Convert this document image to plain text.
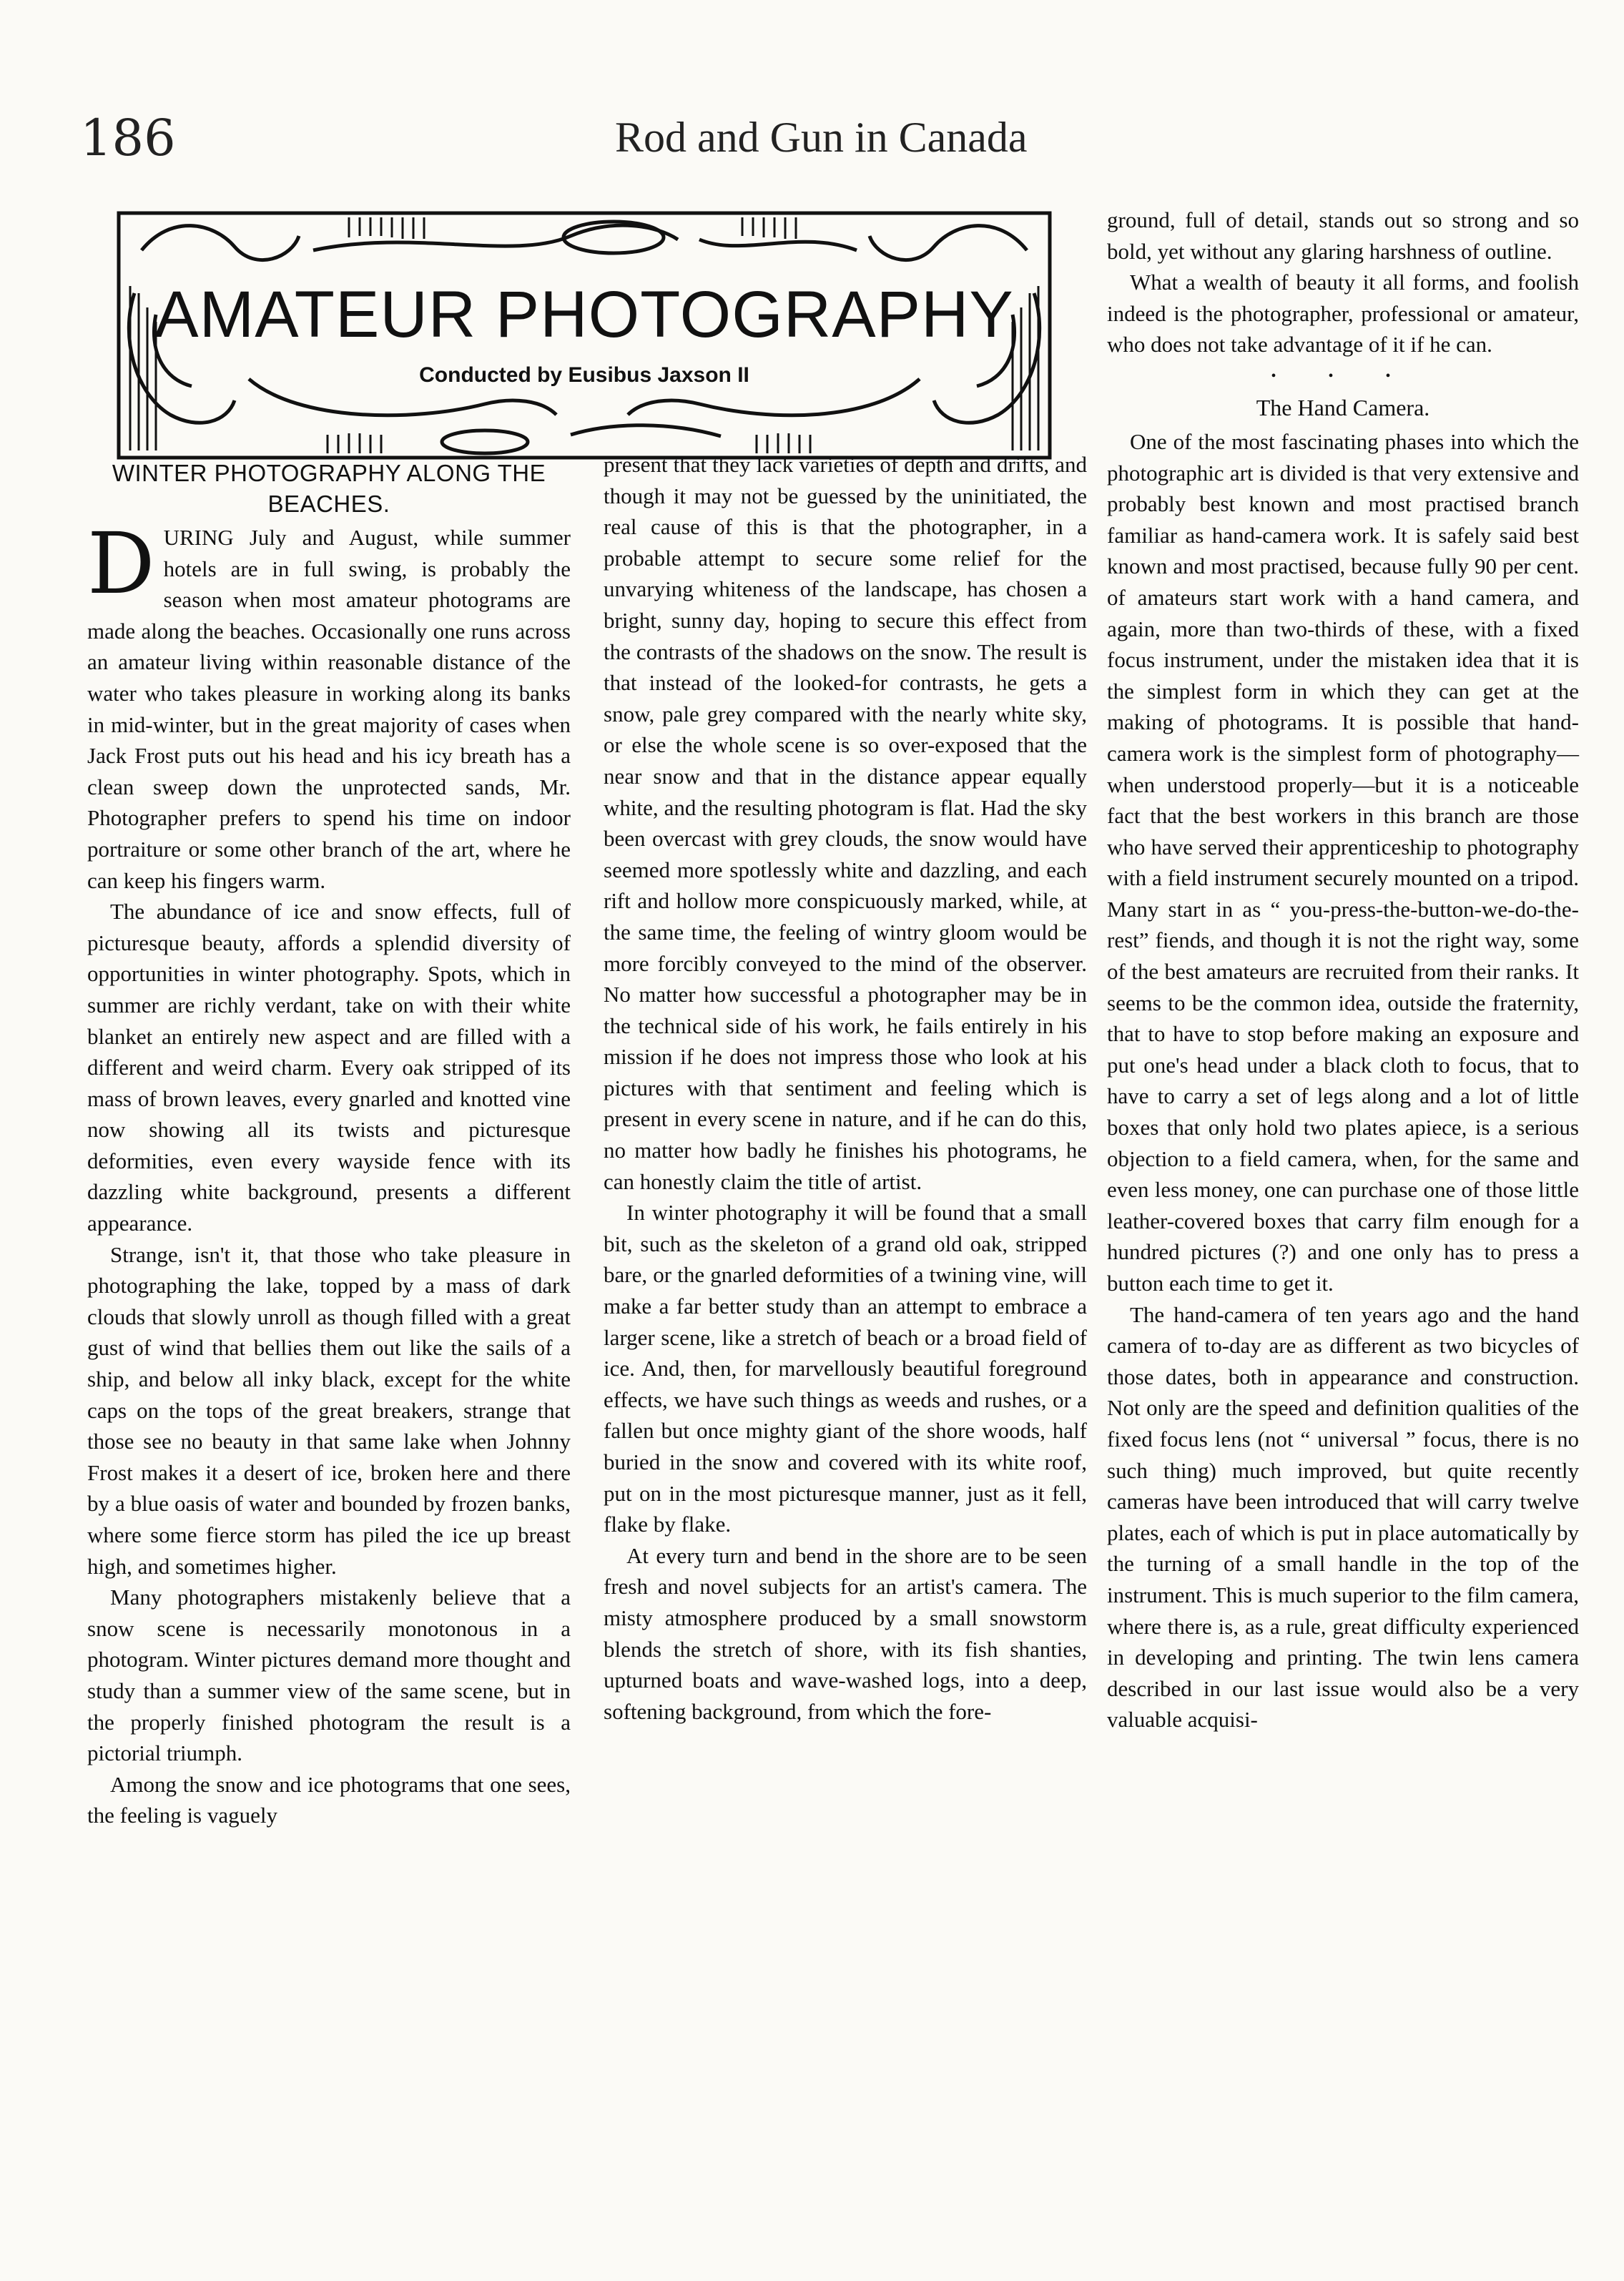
186	Rod and Gun in Canada
AMATEUR PHOTOGRAPHY
Conducted by Eusibus Jaxson II
WINTER PHOTOGRAPHY ALONG THE BEACHES.

DURING July and August, while summer hotels are in full swing, is probably the season when most amateur photograms are made along the beaches. Occasionally one runs across an amateur living within reasonable distance of the water who takes pleasure in working along its banks in mid-winter, but in the great majority of cases when Jack Frost puts out his head and his icy breath has a clean sweep down the unprotected sands, Mr. Photographer prefers to spend his time on indoor portraiture or some other branch of the art, where he can keep his fingers warm.

The abundance of ice and snow effects, full of picturesque beauty, affords a splendid diversity of opportunities in winter photography. Spots, which in summer are richly verdant, take on with their white blanket an entirely new aspect and are filled with a different and weird charm. Every oak stripped of its mass of brown leaves, every gnarled and knotted vine now showing all its twists and picturesque deformities, even every wayside fence with its dazzling white background, presents a different appearance.

Strange, isn't it, that those who take pleasure in photographing the lake, topped by a mass of dark clouds that slowly unroll as though filled with a great gust of wind that bellies them out like the sails of a ship, and below all inky black, except for the white caps on the tops of the great breakers, strange that those see no beauty in that same lake when Johnny Frost makes it a desert of ice, broken here and there by a blue oasis of water and bounded by frozen banks, where some fierce storm has piled the ice up breast high, and sometimes higher.

Many photographers mistakenly believe that a snow scene is necessarily monotonous in a photogram. Winter pictures demand more thought and study than a summer view of the same scene, but in the properly finished photogram the result is a pictorial triumph.

Among the snow and ice photograms that one sees, the feeling is vaguely

present that they lack varieties of depth and drifts, and though it may not be guessed by the uninitiated, the real cause of this is that the photographer, in a probable attempt to secure some relief for the unvarying whiteness of the landscape, has chosen a bright, sunny day, hoping to secure this effect from the contrasts of the shadows on the snow. The result is that instead of the looked-for contrasts, he gets a snow, pale grey compared with the nearly white sky, or else the whole scene is so over-exposed that the near snow and that in the distance appear equally white, and the resulting photogram is flat. Had the sky been overcast with grey clouds, the snow would have seemed more spotlessly white and dazzling, and each rift and hollow more conspicuously marked, while, at the same time, the feeling of wintry gloom would be more forcibly conveyed to the mind of the observer. No matter how successful a photographer may be in the technical side of his work, he fails entirely in his mission if he does not impress those who look at his pictures with that sentiment and feeling which is present in every scene in nature, and if he can do this, no matter how badly he finishes his photograms, he can honestly claim the title of artist.

In winter photography it will be found that a small bit, such as the skeleton of a grand old oak, stripped bare, or the gnarled deformities of a twining vine, will make a far better study than an attempt to embrace a larger scene, like a stretch of beach or a broad field of ice. And, then, for marvellously beautiful foreground effects, we have such things as weeds and rushes, or a fallen but once mighty giant of the shore woods, half buried in the snow and covered with its white roof, put on in the most picturesque manner, just as it fell, flake by flake.

At every turn and bend in the shore are to be seen fresh and novel subjects for an artist's camera. The misty atmosphere produced by a small snowstorm blends the stretch of shore, with its fish shanties, upturned boats and wave-washed logs, into a deep, softening background, from which the fore-

ground, full of detail, stands out so strong and so bold, yet without any glaring harshness of outline.

What a wealth of beauty it all forms, and foolish indeed is the photographer, professional or amateur, who does not take advantage of it if he can.

• • •
The Hand Camera.

One of the most fascinating phases into which the photographic art is divided is that very extensive and probably best known and most practised branch familiar as hand-camera work. It is safely said best known and most practised, because fully 90 per cent. of amateurs start work with a hand camera, and again, more than two-thirds of these, with a fixed focus instrument, under the mistaken idea that it is the simplest form in which they can get at the making of photograms. It is possible that hand-camera work is the simplest form of photography—when understood properly—but it is a noticeable fact that the best workers in this branch are those who have served their apprenticeship to photography with a field instrument securely mounted on a tripod. Many start in as “ you-press-the-button-we-do-the-rest” fiends, and though it is not the right way, some of the best amateurs are recruited from their ranks. It seems to be the common idea, outside the fraternity, that to have to stop before making an exposure and put one's head under a black cloth to focus, that to have to carry a set of legs along and a lot of little boxes that only hold two plates apiece, is a serious objection to a field camera, when, for the same and even less money, one can purchase one of those little leather-covered boxes that carry film enough for a hundred pictures (?) and one only has to press a button each time to get it.

The hand-camera of ten years ago and the hand camera of to-day are as different as two bicycles of those dates, both in appearance and construction. Not only are the speed and definition qualities of the fixed focus lens (not “ universal ” focus, there is no such thing) much improved, but quite recently cameras have been introduced that will carry twelve plates, each of which is put in place automatically by the turning of a small handle in the top of the instrument. This is much superior to the film camera, where there is, as a rule, great difficulty experienced in developing and printing. The twin lens camera described in our last issue would also be a very valuable acquisi-
